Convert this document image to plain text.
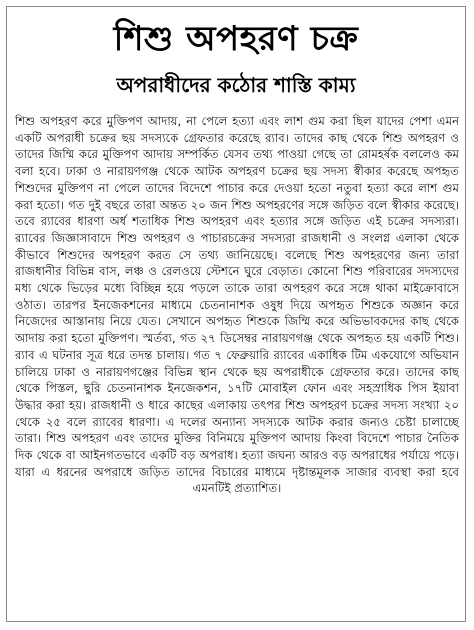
শিশু অপহরণ চক্র
অপরাধীদের কঠোর শাস্তি কাম্য
শিশু অপহরণ করে মুক্তিপণ আদায়, না পেলে হত্যা এবং লাশ গুম করা ছিল যাদের পেশা এমন একটি অপরাধী চক্রের ছয় সদস্যকে গ্রেফতার করেছে র‍্যাব। তাদের কাছ থেকে শিশু অপহরণ ও তাদের জিম্মি করে মুক্তিপণ আদায় সম্পর্কিত যেসব তথ্য পাওয়া গেছে তা রোমহর্ষক বললেও কম বলা হবে। ঢাকা ও নারায়ণগঞ্জ থেকে আটক অপহরণ চক্রের ছয় সদস্য স্বীকার করেছে অপহৃত শিশুদের মুক্তিপণ না পেলে তাদের বিদেশে পাচার করে দেওয়া হতো নতুবা হত্যা করে লাশ গুম করা হতো। গত দুই বছরে তারা অন্তত ২০ জন শিশু অপহরণের সঙ্গে জড়িত বলে স্বীকার করেছে। তবে র‍্যাবের ধারণা অর্ধ শতাধিক শিশু অপহরণ এবং হত্যার সঙ্গে জড়িত এই চক্রের সদস্যরা। র‍্যাবের জিজ্ঞাসাবাদে শিশু অপহরণ ও পাচারচক্রের সদস্যরা রাজধানী ও সংলগ্ন এলাকা থেকে কীভাবে শিশুদের অপহরণ করত সে তথ্য জানিয়েছে। বলেছে শিশু অপহরণের জন্য তারা রাজধানীর বিভিন্ন বাস, লঞ্চ ও রেলওয়ে স্টেশনে ঘুরে বেড়াত। কোনো শিশু পরিবারের সদস্যদের মধ্য থেকে ভিড়ের মধ্যে বিচ্ছিন্ন হয়ে পড়লে তাকে তারা অপহরণ করে সঙ্গে থাকা মাইক্রোবাসে ওঠাত। তারপর ইনজেকশনের মাধ্যমে চেতনানাশক ওষুধ দিয়ে অপহৃত শিশুকে অজ্ঞান করে নিজেদের আস্তানায় নিয়ে যেত। সেখানে অপহৃত শিশুকে জিম্মি করে অভিভাবকদের কাছ থেকে আদায় করা হতো মুক্তিপণ। স্মর্তব্য, গত ২৭ ডিসেম্বর নারায়ণগঞ্জ থেকে অপহৃত হয় একটি শিশু। র‍্যাব এ ঘটনার সূত্র ধরে তদন্ত চালায়। গত ৭ ফেব্রুয়ারি র‍্যাবের একাধিক টিম একযোগে অভিযান চালিয়ে ঢাকা ও নারায়ণগঞ্জের বিভিন্ন স্থান থেকে ছয় অপরাধীকে গ্রেফতার করে। তাদের কাছ থেকে পিস্তল, ছুরি চেতনানাশক ইনজেকশন, ১৭টি মোবাইল ফোন এবং সহস্রাধিক পিস ইয়াবা উদ্ধার করা হয়। রাজধানী ও ধারে কাছের এলাকায় তৎপর শিশু অপহরণ চক্রের সদস্য সংখ্যা ২০ থেকে ২৫ বলে র‍্যাবের ধারণা। এ দলের অন্যান্য সদস্যকে আটক করার জন্যও চেষ্টা চালাচ্ছে তারা। শিশু অপহরণ এবং তাদের মুক্তির বিনিময়ে মুক্তিপণ আদায় কিংবা বিদেশে পাচার নৈতিক দিক থেকে বা আইনগতভাবে একটি বড় অপরাধ। হত্যা জঘন্য আরও বড় অপরাধের পর্যায়ে পড়ে। যারা এ ধরনের অপরাধে জড়িত তাদের বিচারের মাধ্যমে দৃষ্টান্তমূলক সাজার ব্যবস্থা করা হবে এমনটিই প্রত্যাশিত।
